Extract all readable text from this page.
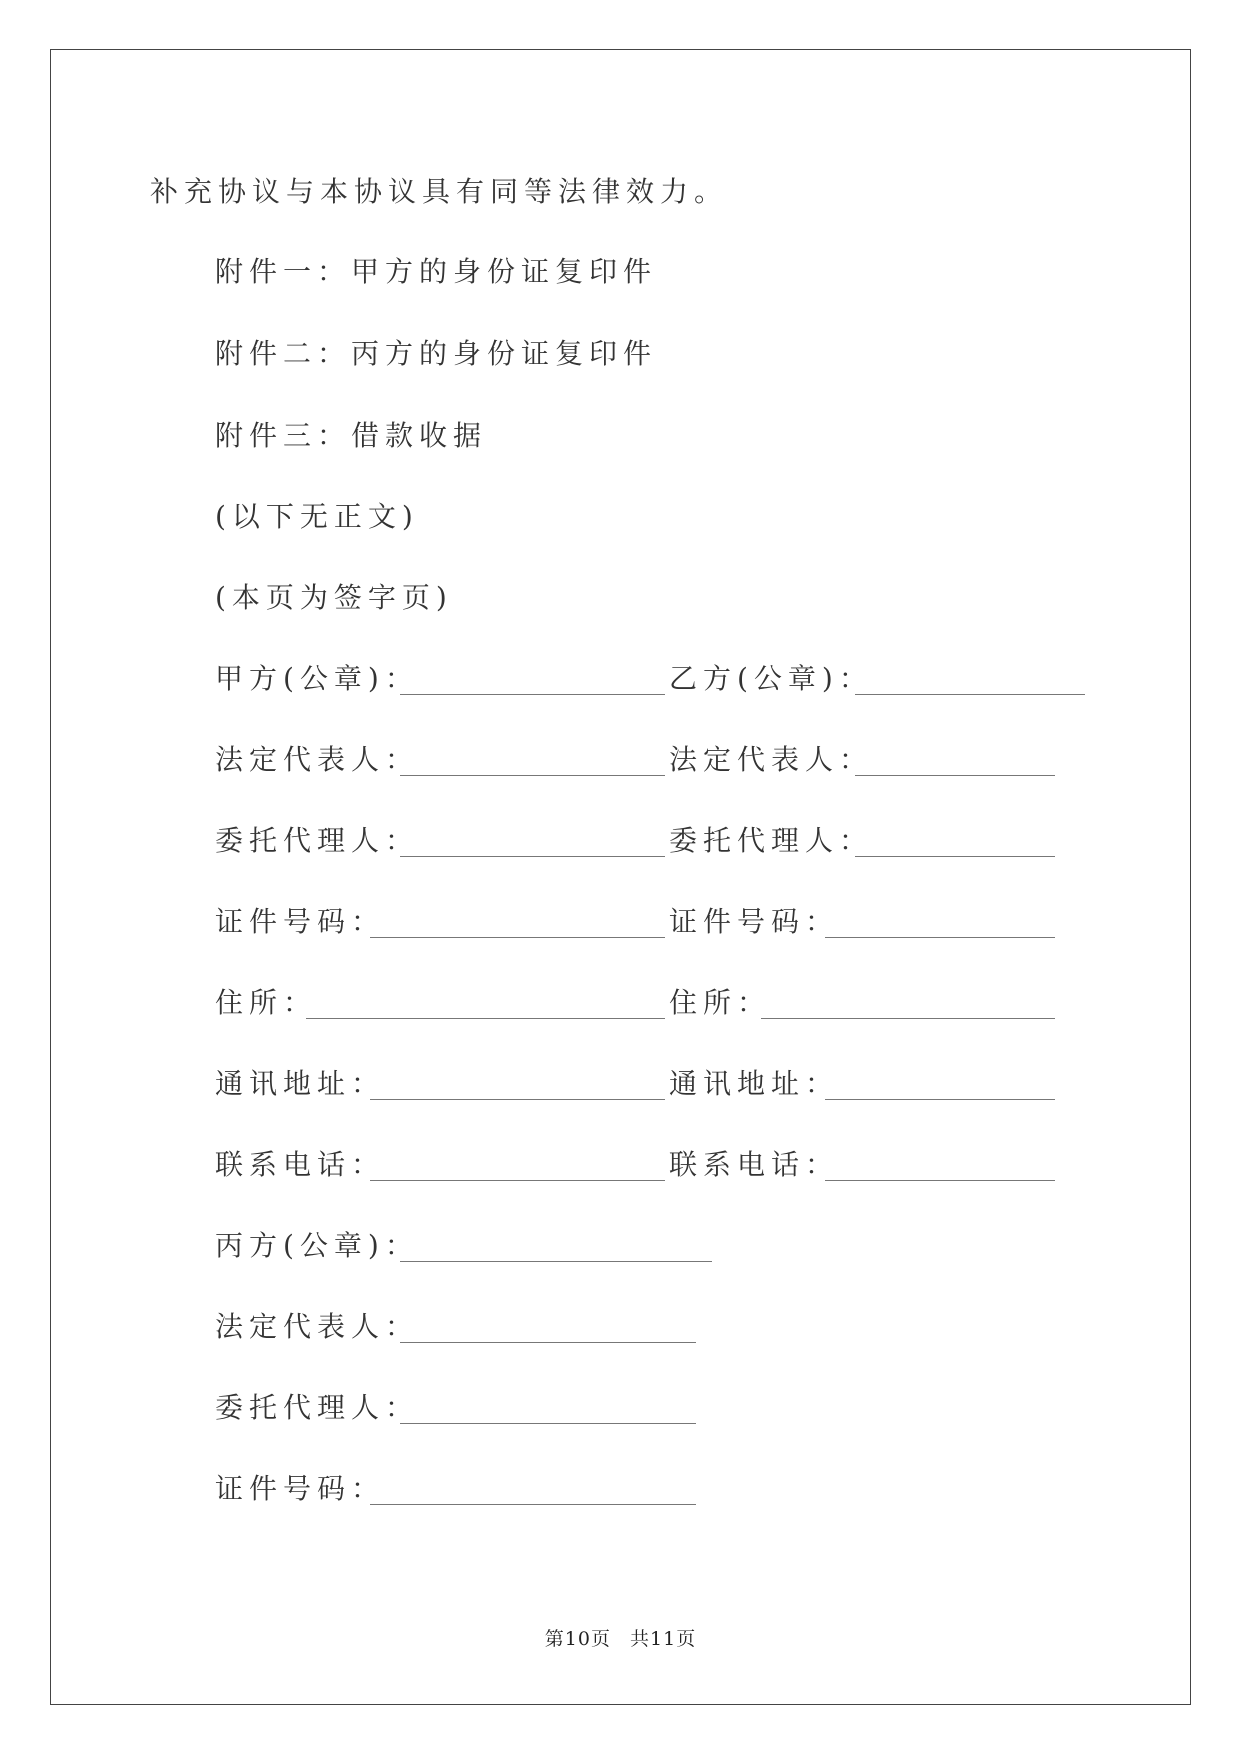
补充协议与本协议具有同等法律效力。
附件一：甲方的身份证复印件
附件二：丙方的身份证复印件
附件三：借款收据
(以下无正文)
(本页为签字页)
甲方(公章)：
法定代表人：
委托代理人：
证件号码：
住所：
通讯地址：
联系电话：
乙方(公章)：
法定代表人：
委托代理人：
证件号码：
住所：
通讯地址：
联系电话：
丙方(公章)：
法定代表人：
委托代理人：
证件号码：
第10页 共11页
